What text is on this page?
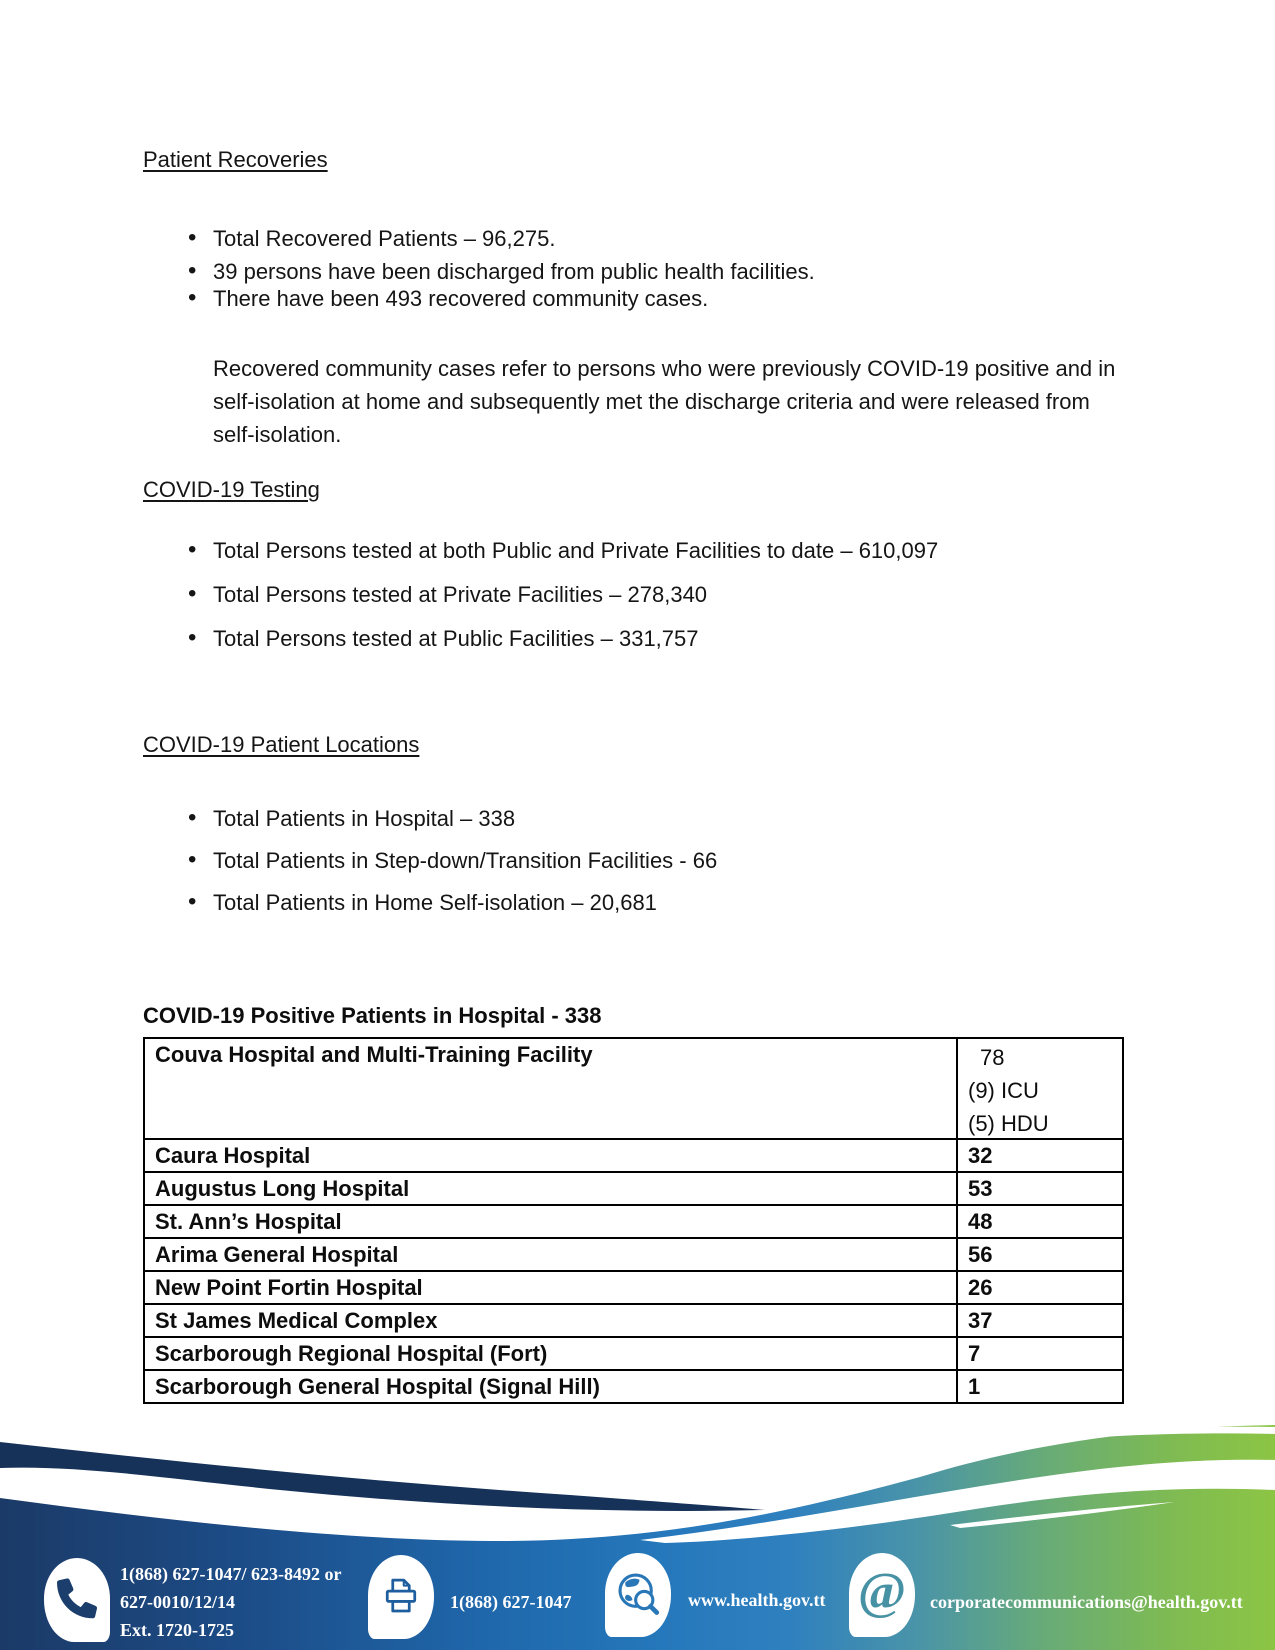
Patient Recoveries
• Total Recovered Patients – 96,275.
• 39 persons have been discharged from public health facilities.
• There have been 493 recovered community cases.
Recovered community cases refer to persons who were previously COVID-19 positive and in self-isolation at home and subsequently met the discharge criteria and were released from self-isolation.
COVID-19 Testing
• Total Persons tested at both Public and Private Facilities to date – 610,097
• Total Persons tested at Private Facilities – 278,340
• Total Persons tested at Public Facilities – 331,757
COVID-19 Patient Locations
• Total Patients in Hospital – 338
• Total Patients in Step-down/Transition Facilities - 66
• Total Patients in Home Self-isolation – 20,681
COVID-19 Positive Patients in Hospital - 338
Couva Hospital and Multi-Training Facility	78
(9) ICU
(5) HDU
Caura Hospital	32
Augustus Long Hospital	53
St. Ann’s Hospital	48
Arima General Hospital	56
New Point Fortin Hospital	26
St James Medical Complex	37
Scarborough Regional Hospital (Fort)	7
Scarborough General Hospital (Signal Hill)	1
1(868) 627-1047/ 623-8492 or
627-0010/12/14
Ext. 1720-1725
1(868) 627-1047	www.health.gov.tt @ corporatecommunications@health.gov.tt
